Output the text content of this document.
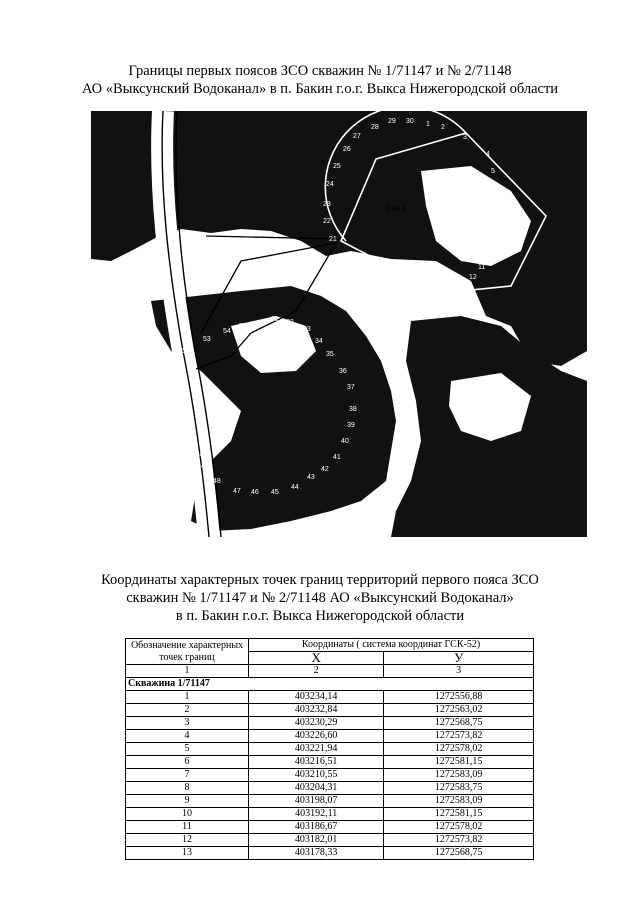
Границы первых поясов ЗСО скважин № 1/71147 и № 2/71148
АО «Выксунский Водоканал» в п. Бакин г.о.г. Выкса Нижегородской области
1 2
3
4
5
6
7
8
9
10
11
12
13
14
15
16
17
18
19
20
21
22
23
24
25
26
27
28
29 30
31 32
33
34
35
36
37
38
39
40
41
42
43
44
45
46
47
48
49
50
51
52
53
54
55
Скв 1
Координаты характерных точек границ территорий первого пояса ЗСО
скважин № 1/71147 и № 2/71148 АО «Выксунский Водоканал»
в п. Бакин г.о.г. Выкса Нижегородской области
Обозначение характерных точек границ	Координаты ( система координат ГСК-52)	
	X	У
1	2	3
Скважина 1/71147		
1	403234,14	1272556,88
2	403232,84	1272563,02
3	403230,29	1272568,75
4	403226,60	1272573,82
5	403221,94	1272578,02
6	403216,51	1272581,15
7	403210,55	1272583,09
8	403204,31	1272583,75
9	403198,07	1272583,09
10	403192,11	1272581,15
11	403186,67	1272578,02
12	403182,01	1272573,82
13	403178,33	1272568,75
